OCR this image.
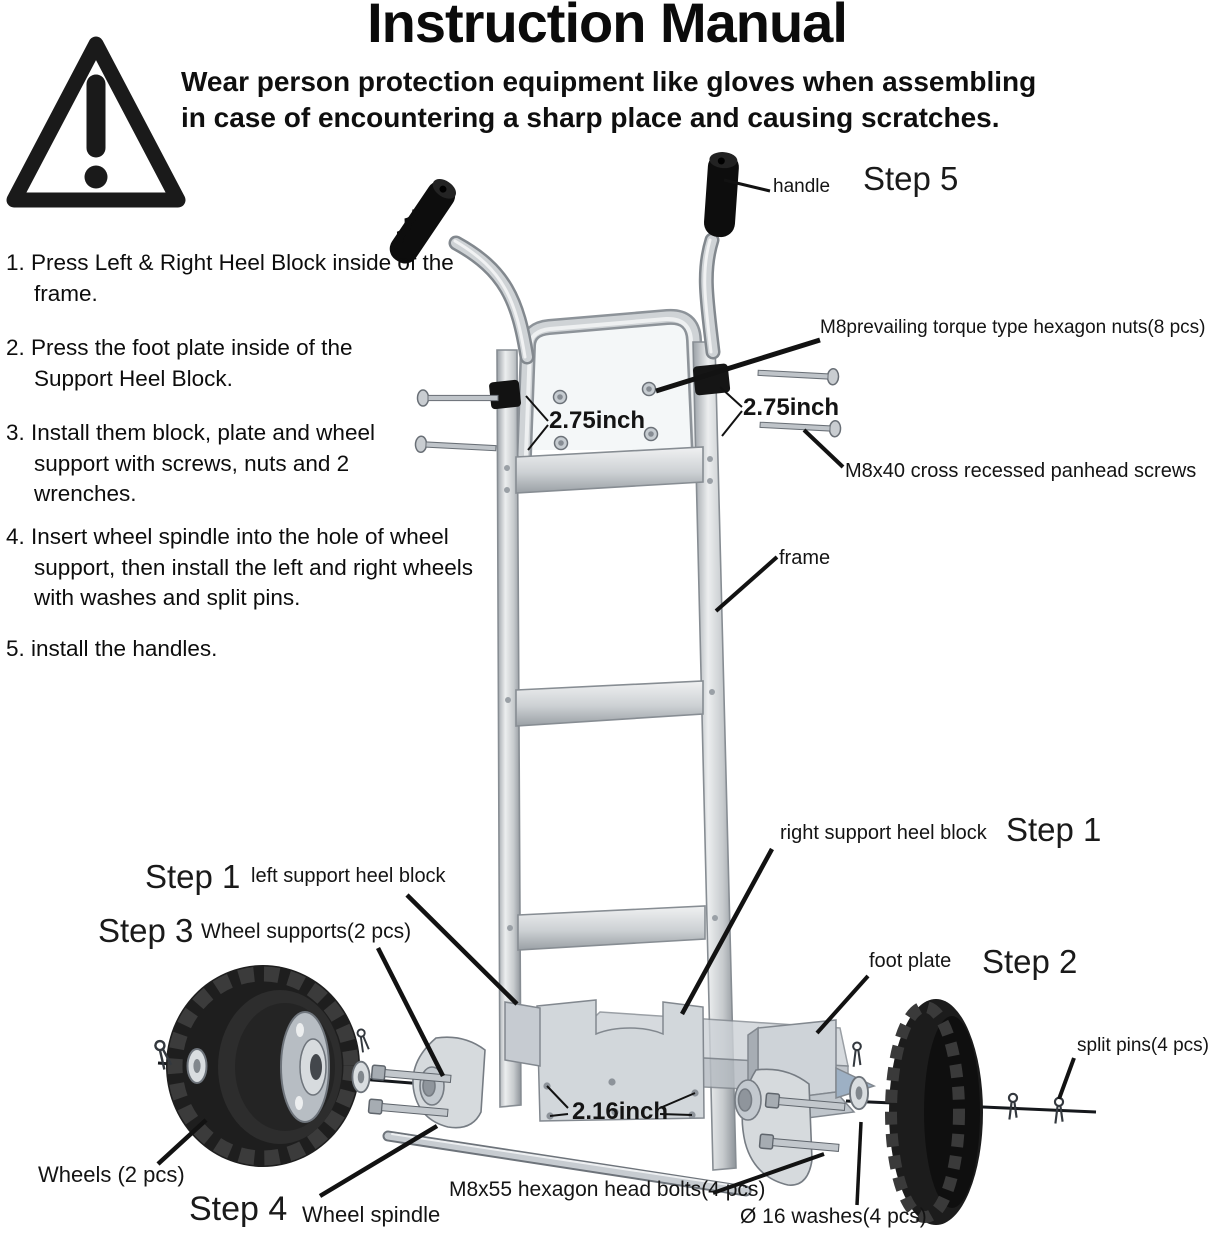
Instruction Manual
Wear person protection equipment like gloves when assembling
in case of encountering a sharp place and causing scratches.
1. Press Left & Right Heel Block inside of the frame.
2. Press the foot plate inside of the Support Heel Block.
3. Install them block, plate and wheel support with screws, nuts and 2 wrenches.
4. Insert wheel spindle into the hole of wheel support, then install the left and right wheels with washes and split pins.
5. install the handles.
handle Step 5
M8prevailing torque type hexagon nuts(8 pcs)
2.75inch	2.75inch
M8x40 cross recessed panhead screws
frame
right support heel block Step 1
Step 1 left support heel block
Step 3 Wheel supports(2 pcs)
foot plate Step 2
split pins(4 pcs)
2.16inch
Wheels (2 pcs)
Step 4 Wheel spindle
M8x55 hexagon head bolts(4 pcs)
Ø 16 washes(4 pcs)
